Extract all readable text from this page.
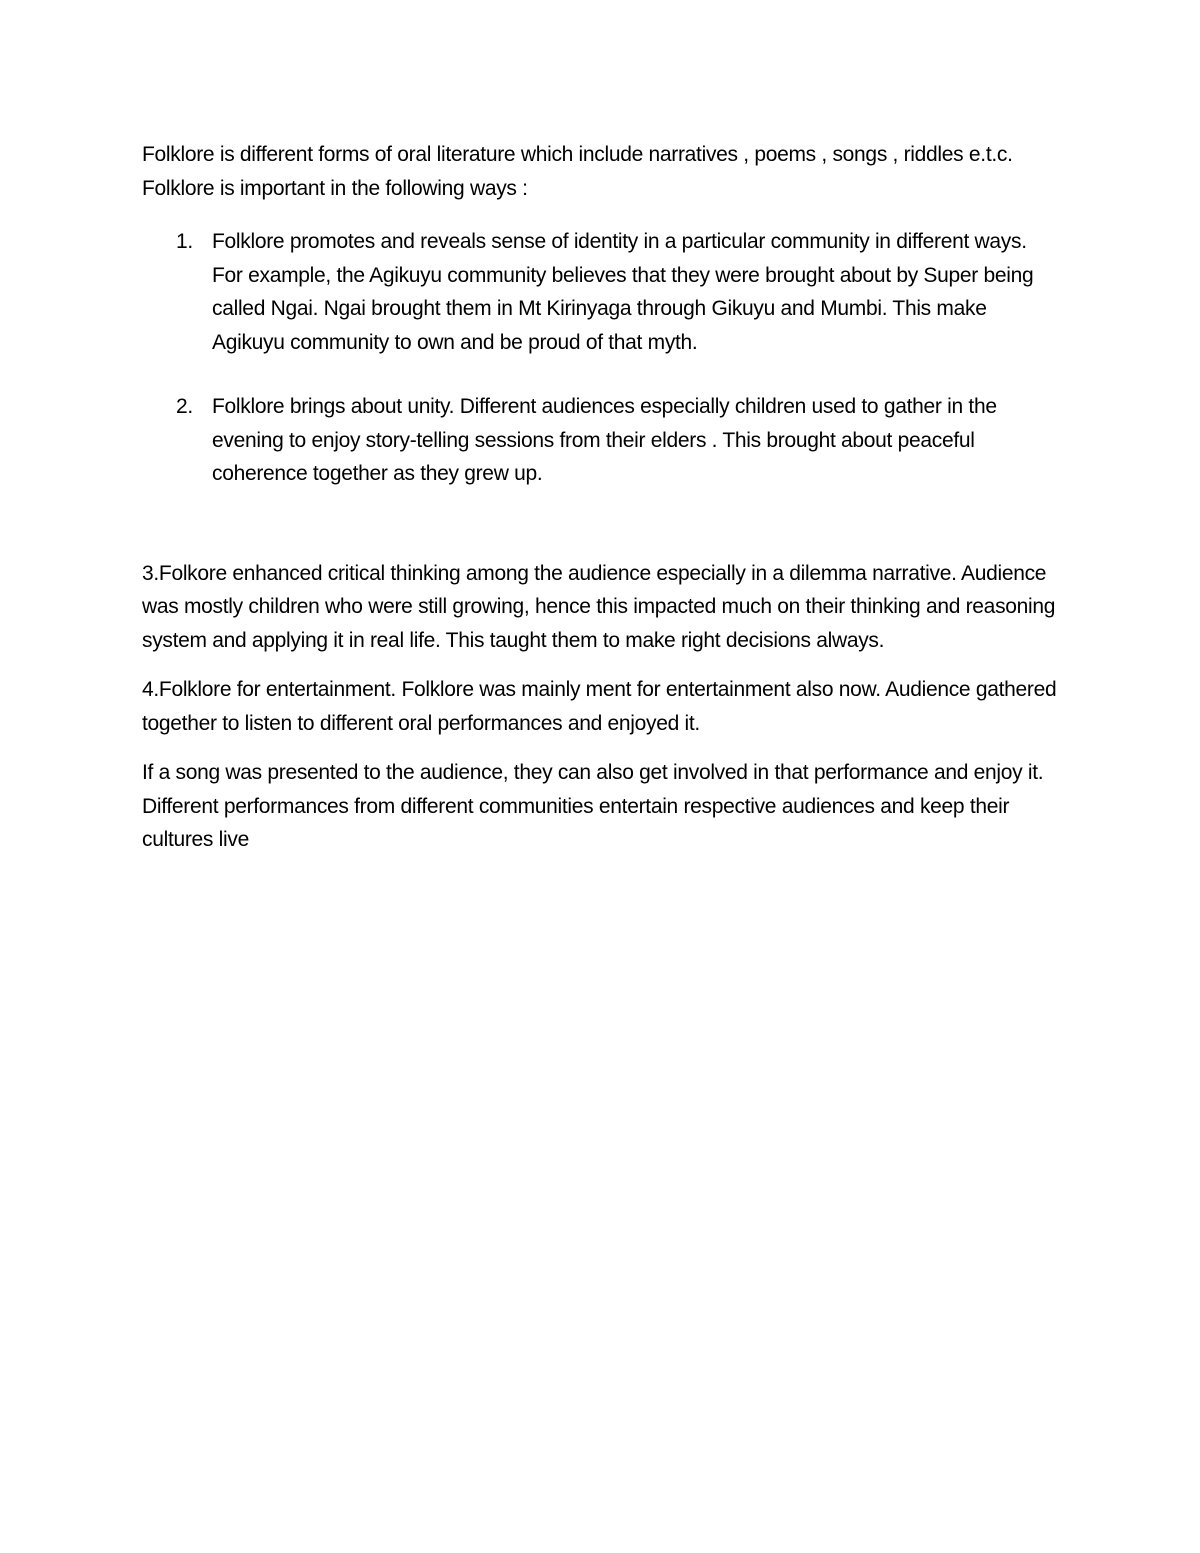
Folklore is different forms of oral literature which include narratives , poems , songs , riddles e.t.c. Folklore is important in the following ways :

1. Folklore promotes and reveals sense of identity in a particular community in different ways. For example, the Agikuyu community believes that they were brought about by Super being called Ngai. Ngai brought them in Mt Kirinyaga through Gikuyu and Mumbi. This make Agikuyu community to own and be proud of that myth.
2. Folklore brings about unity. Different audiences especially children used to gather in the evening to enjoy story-telling sessions from their elders . This brought about peaceful coherence together as they grew up.

3.Folkore enhanced critical thinking among the audience especially in a dilemma narrative. Audience was mostly children who were still growing, hence this impacted much on their thinking and reasoning system and applying it in real life. This taught them to make right decisions always.

4.Folklore for entertainment. Folklore was mainly ment for entertainment also now. Audience gathered together to listen to different oral performances and enjoyed it.

If a song was presented to the audience, they can also get involved in that performance and enjoy it. Different performances from different communities entertain respective audiences and keep their cultures live
